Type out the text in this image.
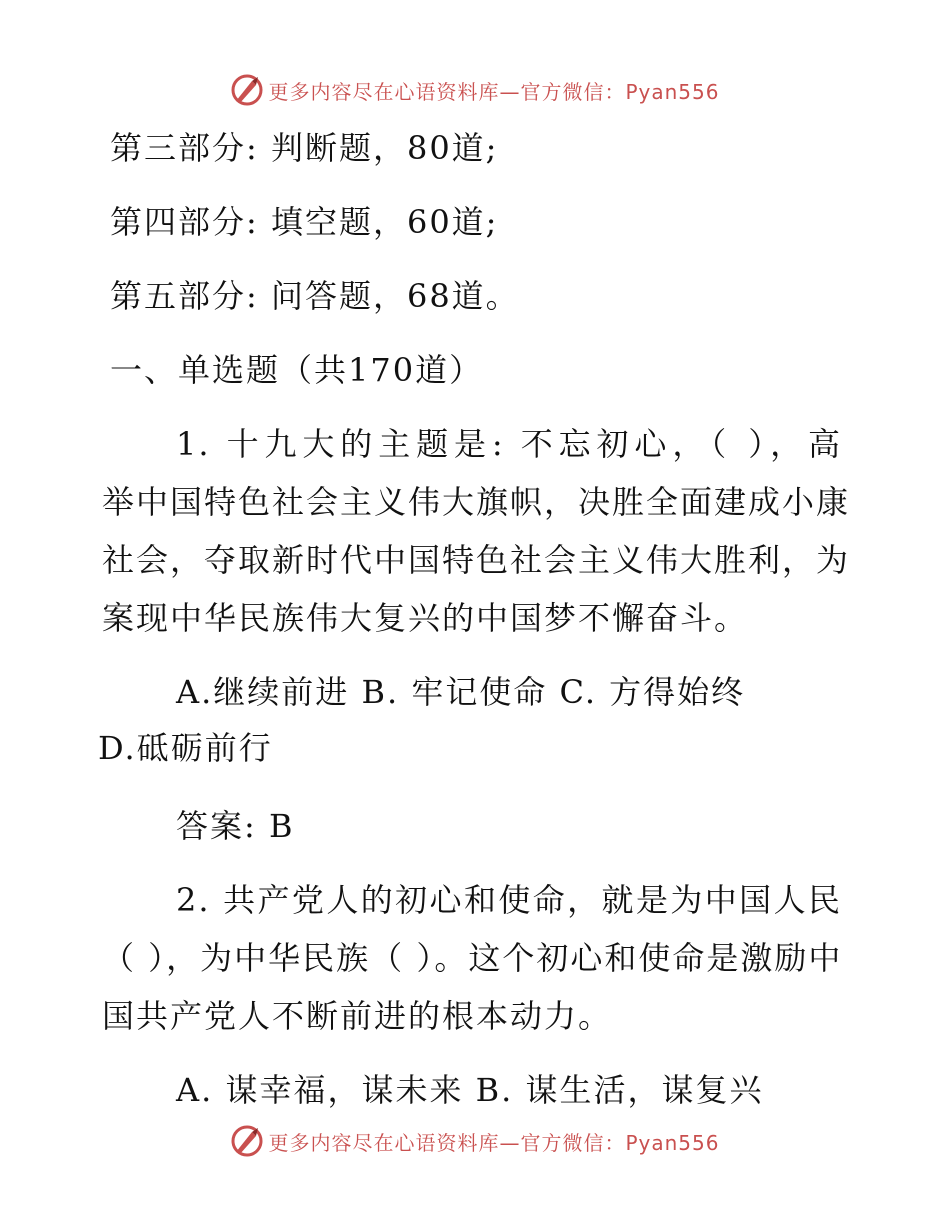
更多内容尽在心语资料库—官方微信：Pyan556
第三部分: 判断题，80道;
第四部分: 填空题，60道;
第五部分: 问答题，68道。
一、单选题（共170道）
1. 十九大的主题是: 不忘初心，（ ），高
举中国特色社会主义伟大旗帜，决胜全面建成小康
社会，夺取新时代中国特色社会主义伟大胜利，为
案现中华民族伟大复兴的中国梦不懈奋斗。
A.继续前进 B. 牢记使命 C. 方得始终
D.砥砺前行
答案: B
2. 共产党人的初心和使命，就是为中国人民
（ ），为中华民族（ ）。这个初心和使命是激励中
国共产党人不断前进的根本动力。
A. 谋幸福，谋未来 B. 谋生活，谋复兴
更多内容尽在心语资料库—官方微信：Pyan556
